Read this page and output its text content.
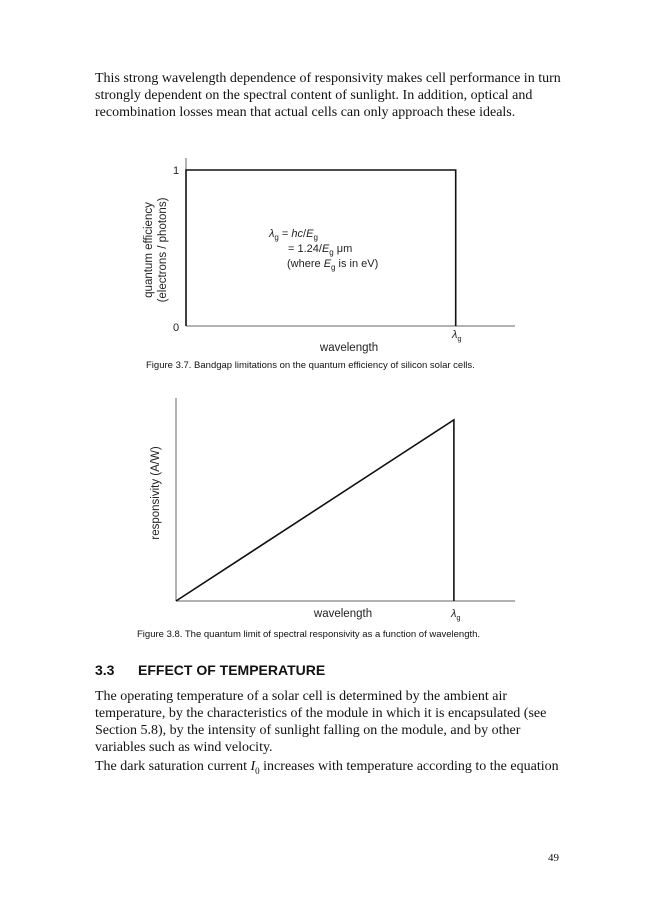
This strong wavelength dependence of responsivity makes cell performance in turn strongly dependent on the spectral content of sunlight. In addition, optical and recombination losses mean that actual cells can only approach these ideals.

quantum efficiency (electrons / photons)
1
0
$\lambda_g = hc/E_g$
= $1.24/E_g$ μm
(where $E_g$ is in eV)
$\lambda_g$
wavelength
Figure 3.7. Bandgap limitations on the quantum efficiency of silicon solar cells.
responsivity (A/W)
wavelength	$\lambda_g$
Figure 3.8. The quantum limit of spectral responsivity as a function of wavelength.
3.3 EFFECT OF TEMPERATURE

The operating temperature of a solar cell is determined by the ambient air temperature, by the characteristics of the module in which it is encapsulated (see Section 5.8), by the intensity of sunlight falling on the module, and by other variables such as wind velocity.

The dark saturation current $I_0$ increases with temperature according to the equation

49
